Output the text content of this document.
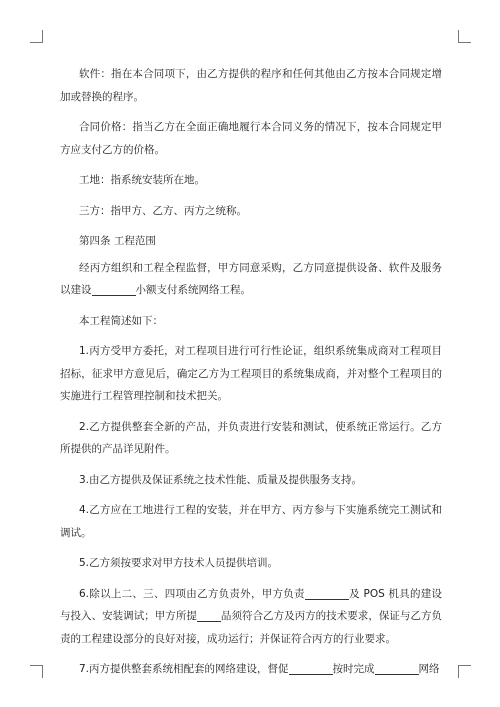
软件：指在本合同项下，由乙方提供的程序和任何其他由乙方按本合同规定增加或替换的程序。

合同价格：指当乙方在全面正确地履行本合同义务的情况下，按本合同规定甲方应支付乙方的价格。

工地：指系统安装所在地。

三方：指甲方、乙方、丙方之统称。

第四条 工程范围

经丙方组织和工程全程监督，甲方同意采购，乙方同意提供设备、软件及服务以建设	小额支付系统网络工程。

本工程简述如下：

1.丙方受甲方委托，对工程项目进行可行性论证，组织系统集成商对工程项目招标，征求甲方意见后，确定乙方为工程项目的系统集成商，并对整个工程项目的实施进行工程管理控制和技术把关。

2.乙方提供整套全新的产品，并负责进行安装和测试，使系统正常运行。乙方所提供的产品详见附件。

3.由乙方提供及保证系统之技术性能、质量及提供服务支持。

4.乙方应在工地进行工程的安装，并在甲方、丙方参与下实施系统完工测试和调试。

5.乙方须按要求对甲方技术人员提供培训。

6.除以上二、三、四项由乙方负责外，甲方负责	及 POS 机具的建设与投入、安装调试；甲方所提 品须符合乙方及丙方的技术要求，保证与乙方负责的工程建设部分的良好对接，成功运行；并保证符合丙方的行业要求。

7.丙方提供整套系统相配套的网络建设，督促	按时完成	网络
